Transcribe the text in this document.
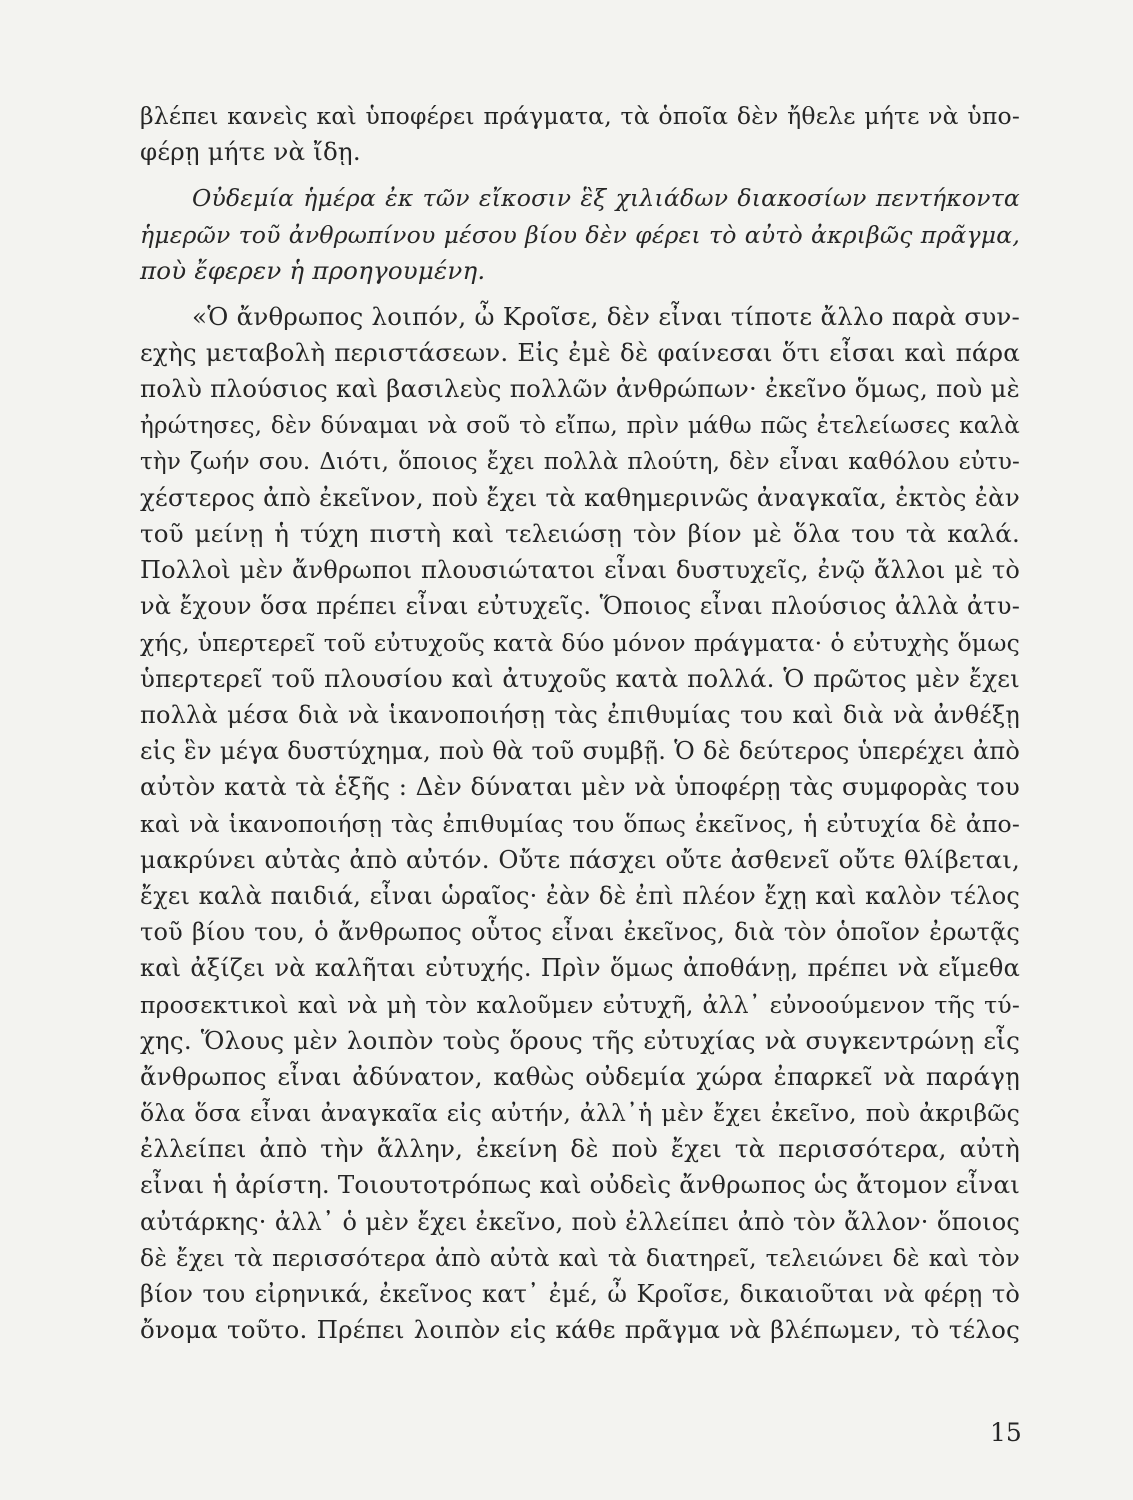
βλέπει κανεὶς καὶ ὑποφέρει πράγματα, τὰ ὁποῖα δὲν ἤθελε μήτε νὰ ὑπο-
φέρῃ μήτε νὰ ἴδῃ.
Οὐδεμία ἡμέρα ἐκ τῶν εἴκοσιν ἓξ χιλιάδων διακοσίων πεντήκοντα
ἡμερῶν τοῦ ἀνθρωπίνου μέσου βίου δὲν φέρει τὸ αὐτὸ ἀκριβῶς πρᾶγμα,
ποὺ ἔφερεν ἡ προηγουμένη.
«Ὁ ἄνθρωπος λοιπόν, ὦ Κροῖσε, δὲν εἶναι τίποτε ἄλλο παρὰ συν-
εχὴς μεταβολὴ περιστάσεων. Εἰς ἐμὲ δὲ φαίνεσαι ὅτι εἶσαι καὶ πάρα
πολὺ πλούσιος καὶ βασιλεὺς πολλῶν ἀνθρώπων· ἐκεῖνο ὅμως, ποὺ μὲ
ἠρώτησες, δὲν δύναμαι νὰ σοῦ τὸ εἴπω, πρὶν μάθω πῶς ἐτελείωσες καλὰ
τὴν ζωήν σου. Διότι, ὅποιος ἔχει πολλὰ πλούτη, δὲν εἶναι καθόλου εὐτυ-
χέστερος ἀπὸ ἐκεῖνον, ποὺ ἔχει τὰ καθημερινῶς ἀναγκαῖα, ἐκτὸς ἐὰν
τοῦ μείνῃ ἡ τύχη πιστὴ καὶ τελειώσῃ τὸν βίον μὲ ὅλα του τὰ καλά.
Πολλοὶ μὲν ἄνθρωποι πλουσιώτατοι εἶναι δυστυχεῖς, ἐνῷ ἄλλοι μὲ τὸ
νὰ ἔχουν ὅσα πρέπει εἶναι εὐτυχεῖς. Ὅποιος εἶναι πλούσιος ἀλλὰ ἀτυ-
χής, ὑπερτερεῖ τοῦ εὐτυχοῦς κατὰ δύο μόνον πράγματα· ὁ εὐτυχὴς ὅμως
ὑπερτερεῖ τοῦ πλουσίου καὶ ἀτυχοῦς κατὰ πολλά. Ὁ πρῶτος μὲν ἔχει
πολλὰ μέσα διὰ νὰ ἱκανοποιήσῃ τὰς ἐπιθυμίας του καὶ διὰ νὰ ἀνθέξῃ
εἰς ἓν μέγα δυστύχημα, ποὺ θὰ τοῦ συμβῇ. Ὁ δὲ δεύτερος ὑπερέχει ἀπὸ
αὐτὸν κατὰ τὰ ἑξῆς : Δὲν δύναται μὲν νὰ ὑποφέρῃ τὰς συμφορὰς του
καὶ νὰ ἱκανοποιήσῃ τὰς ἐπιθυμίας του ὅπως ἐκεῖνος, ἡ εὐτυχία δὲ ἀπο-
μακρύνει αὐτὰς ἀπὸ αὐτόν. Οὔτε πάσχει οὔτε ἀσθενεῖ οὔτε θλίβεται,
ἔχει καλὰ παιδιά, εἶναι ὡραῖος· ἐὰν δὲ ἐπὶ πλέον ἔχῃ καὶ καλὸν τέλος
τοῦ βίου του, ὁ ἄνθρωπος οὗτος εἶναι ἐκεῖνος, διὰ τὸν ὁποῖον ἐρωτᾷς
καὶ ἀξίζει νὰ καλῆται εὐτυχής. Πρὶν ὅμως ἀποθάνῃ, πρέπει νὰ εἴμεθα
προσεκτικοὶ καὶ νὰ μὴ τὸν καλοῦμεν εὐτυχῆ, ἀλλ᾽ εὐνοούμενον τῆς τύ-
χης. Ὅλους μὲν λοιπὸν τοὺς ὅρους τῆς εὐτυχίας νὰ συγκεντρώνῃ εἷς
ἄνθρωπος εἶναι ἀδύνατον, καθὼς οὐδεμία χώρα ἐπαρκεῖ νὰ παράγῃ
ὅλα ὅσα εἶναι ἀναγκαῖα εἰς αὐτήν, ἀλλ᾽ἡ μὲν ἔχει ἐκεῖνο, ποὺ ἀκριβῶς
ἐλλείπει ἀπὸ τὴν ἄλλην, ἐκείνη δὲ ποὺ ἔχει τὰ περισσότερα, αὐτὴ
εἶναι ἡ ἀρίστη. Τοιουτοτρόπως καὶ οὐδεὶς ἄνθρωπος ὡς ἄτομον εἶναι
αὐτάρκης· ἀλλ᾽ ὁ μὲν ἔχει ἐκεῖνο, ποὺ ἐλλείπει ἀπὸ τὸν ἄλλον· ὅποιος
δὲ ἔχει τὰ περισσότερα ἀπὸ αὐτὰ καὶ τὰ διατηρεῖ, τελειώνει δὲ καὶ τὸν
βίον του εἰρηνικά, ἐκεῖνος κατ᾽ ἐμέ, ὦ Κροῖσε, δικαιοῦται νὰ φέρῃ τὸ
ὄνομα τοῦτο. Πρέπει λοιπὸν εἰς κάθε πρᾶγμα νὰ βλέπωμεν, τὸ τέλος
15
